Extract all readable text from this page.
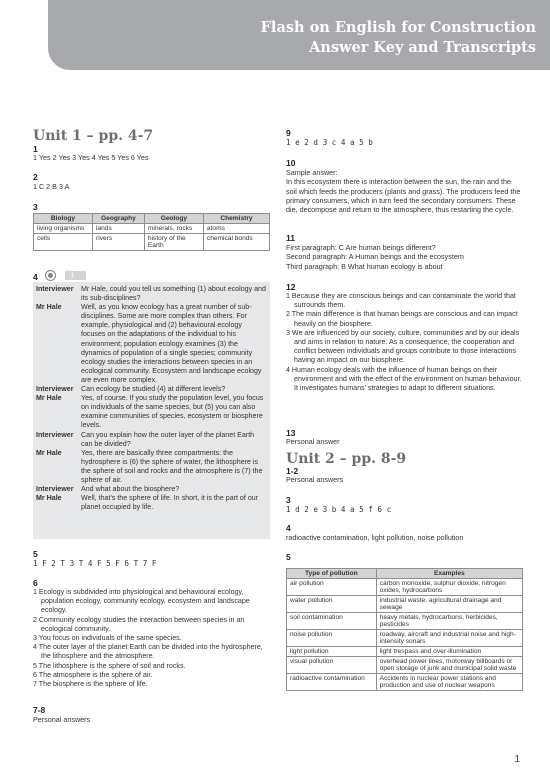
Flash on English for Construction
Answer Key and Transcripts
Unit 1 – pp. 4-7
1
1 Yes 2 Yes 3 Yes 4 Yes 5 Yes 6 Yes
2
1 C 2 B 3 A
3
Biology	Geography	Geology	Chemistry
living organisms	lands	minerals, rocks	atoms
cells	rivers	history of the Earth	chemical bonds
4	1
Interviewer	Mr Hale, could you tell us something (1) about ecology and its sub-disciplines?
Mr Hale	Well, as you know ecology has a great number of sub-disciplines. Some are more complex than others. For example, physiological and (2) behavioural ecology focuses on the adaptations of the individual to his environment; population ecology examines (3) the dynamics of population of a single species; community ecology studies the interactions between species in an ecological community. Ecosystem and landscape ecology are even more complex.
Interviewer	Can ecology be studied (4) at different levels?
Mr Hale	Yes, of course. If you study the population level, you focus on individuals of the same species, but (5) you can also examine communities of species, ecosystem or biosphere levels.
Interviewer	Can you explain how the outer layer of the planet Earth can be divided?
Mr Hale	Yes, there are basically three compartments: the hydrosphere is (6) the sphere of water, the lithosphere is the sphere of soil and rocks and the atmosphere is (7) the sphere of air.
Interviewer	And what about the biosphere?
Mr Hale	Well, that's the sphere of life. In short, it is the part of our planet occupied by life.
5
1 F 2 T 3 T 4 F 5 F 6 T 7 F
6
1 Ecology is subdivided into physiological and behavioural ecology, population ecology, community ecology, ecosystem and landscape ecology.
2 Community ecology studies the interaction between species in an ecological community.
3 You focus on individuals of the same species.
4 The outer layer of the planet Earth can be divided into the hydrosphere, the lithosphere and the atmosphere.
5 The lithosphere is the sphere of soil and rocks.
6 The atmosphere is the sphere of air.
7 The biosphere is the sphere of life.
7-8
Personal answers
9
1 e 2 d 3 c 4 a 5 b
10
Sample answer:
In this ecosystem there is interaction between the sun, the rain and the soil which feeds the producers (plants and grass). The producers feed the primary consumers, which in turn feed the secondary consumers. These die, decompose and return to the atmosphere, thus restarting the cycle.
11
First paragraph: C Are human beings different?
Second paragraph: A Human beings and the ecosystem
Third paragraph: B What human ecology is about
12
1 Because they are conscious beings and can contaminate the world that surrounds them.
2 The main difference is that human beings are conscious and can impact heavily on the biosphere.
3 We are influenced by our society, culture, communities and by our ideals and aims in relation to nature. As a consequence, the cooperation and conflict between individuals and groups contribute to those interactions having an impact on our biosphere.
4 Human ecology deals with the influence of human beings on their environment and with the effect of the environment on human behaviour. It investigates humans' strategies to adapt to different situations.
13
Personal answer
Unit 2 – pp. 8-9
1-2
Personal answers
3
1 d 2 e 3 b 4 a 5 f 6 c
4
radioactive contamination, light pollution, noise pollution
5
Type of pollution	Examples
air pollution	carbon monoxide, sulphur dioxide, nitrogen oxides, hydrocarbons
water pollution	industrial waste, agricultural drainage and sewage
soil contamination	heavy metals, hydrocarbons, herbicides, pesticides
noise pollution	roadway, aircraft and industrial noise and high-intensity sonars
light pollution	light trespass and over-illumination
visual pollution	overhead power lines, motorway billboards or open storage of junk and municipal solid waste
radioactive contamination	Accidents in nuclear power stations and production and use of nuclear weapons
1
